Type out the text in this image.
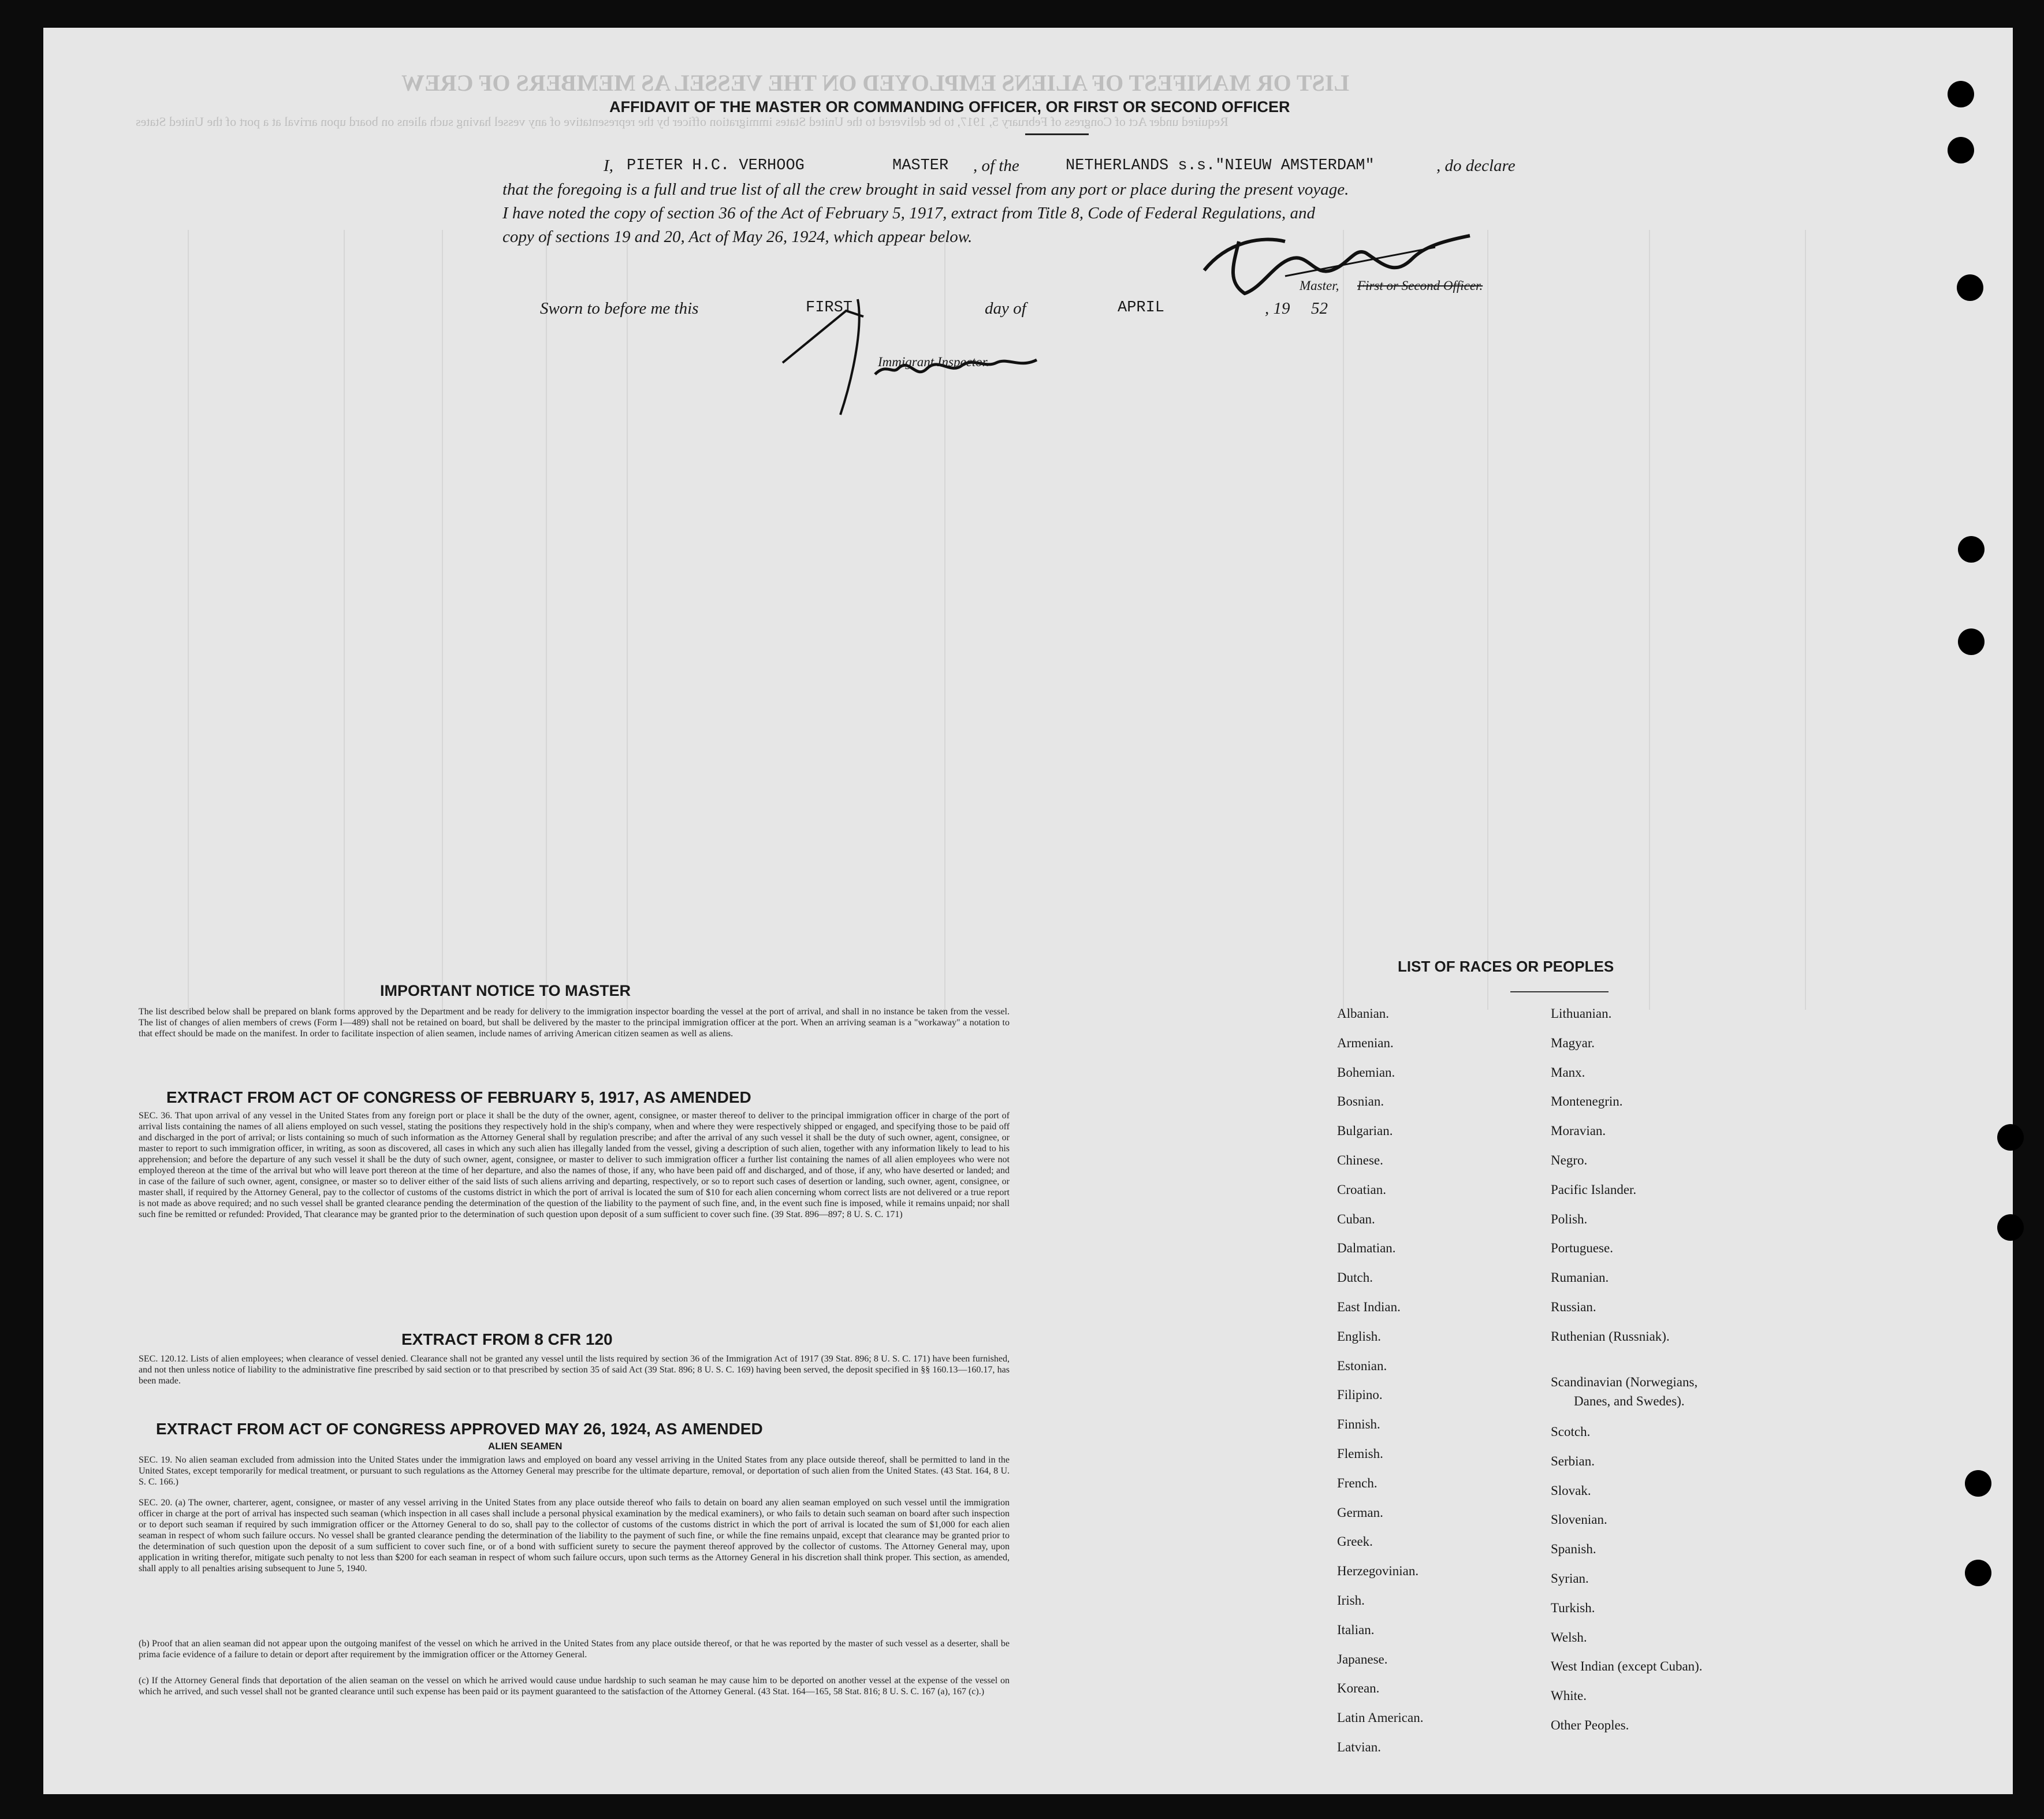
LIST OR MANIFEST OF ALIENS EMPLOYED ON THE VESSEL AS MEMBERS OF CREW
Required under Act of Congress of February 5, 1917, to be delivered to the United States immigration officer by the representative of any vessel having such aliens on board upon arrival at a port of the United States
AFFIDAVIT OF THE MASTER OR COMMANDING OFFICER, OR FIRST OR SECOND OFFICER
I, PIETER H.C. VERHOOG	MASTER , of the	NETHERLANDS s.s."NIEUW AMSTERDAM"	, do declare
that the foregoing is a full and true list of all the crew brought in said vessel from any port or place during the present voyage.
I have noted the copy of section 36 of the Act of February 5, 1917, extract from Title 8, Code of Federal Regulations, and
copy of sections 19 and 20, Act of May 26, 1924, which appear below.
Master, First or Second Officer.
Sworn to before me this	FIRST	day of	APRIL	, 19 52
Immigrant Inspector.
IMPORTANT NOTICE TO MASTER
The list described below shall be prepared on blank forms approved by the Department and be ready for delivery to the immigration inspector boarding the vessel at the port of arrival, and shall in no instance be taken from the vessel. The list of changes of alien members of crews (Form I—489) shall not be retained on board, but shall be delivered by the master to the principal immigration officer at the port. When an arriving seaman is a "workaway" a notation to that effect should be made on the manifest. In order to facilitate inspection of alien seamen, include names of arriving American citizen seamen as well as aliens.
EXTRACT FROM ACT OF CONGRESS OF FEBRUARY 5, 1917, AS AMENDED
SEC. 36. That upon arrival of any vessel in the United States from any foreign port or place it shall be the duty of the owner, agent, consignee, or master thereof to deliver to the principal immigration officer in charge of the port of arrival lists containing the names of all aliens employed on such vessel, stating the positions they respectively hold in the ship's company, when and where they were respectively shipped or engaged, and specifying those to be paid off and discharged in the port of arrival; or lists containing so much of such information as the Attorney General shall by regulation prescribe; and after the arrival of any such vessel it shall be the duty of such owner, agent, consignee, or master to report to such immigration officer, in writing, as soon as discovered, all cases in which any such alien has illegally landed from the vessel, giving a description of such alien, together with any information likely to lead to his apprehension; and before the departure of any such vessel it shall be the duty of such owner, agent, consignee, or master to deliver to such immigration officer a further list containing the names of all alien employees who were not employed thereon at the time of the arrival but who will leave port thereon at the time of her departure, and also the names of those, if any, who have been paid off and discharged, and of those, if any, who have deserted or landed; and in case of the failure of such owner, agent, consignee, or master so to deliver either of the said lists of such aliens arriving and departing, respectively, or so to report such cases of desertion or landing, such owner, agent, consignee, or master shall, if required by the Attorney General, pay to the collector of customs of the customs district in which the port of arrival is located the sum of $10 for each alien concerning whom correct lists are not delivered or a true report is not made as above required; and no such vessel shall be granted clearance pending the determination of the question of the liability to the payment of such fine, and, in the event such fine is imposed, while it remains unpaid; nor shall such fine be remitted or refunded: Provided, That clearance may be granted prior to the determination of such question upon deposit of a sum sufficient to cover such fine. (39 Stat. 896—897; 8 U. S. C. 171)
EXTRACT FROM 8 CFR 120
SEC. 120.12. Lists of alien employees; when clearance of vessel denied. Clearance shall not be granted any vessel until the lists required by section 36 of the Immigration Act of 1917 (39 Stat. 896; 8 U. S. C. 171) have been furnished, and not then unless notice of liability to the administrative fine prescribed by said section or to that prescribed by section 35 of said Act (39 Stat. 896; 8 U. S. C. 169) having been served, the deposit specified in §§ 160.13—160.17, has been made.
EXTRACT FROM ACT OF CONGRESS APPROVED MAY 26, 1924, AS AMENDED
ALIEN SEAMEN
SEC. 19. No alien seaman excluded from admission into the United States under the immigration laws and employed on board any vessel arriving in the United States from any place outside thereof, shall be permitted to land in the United States, except temporarily for medical treatment, or pursuant to such regulations as the Attorney General may prescribe for the ultimate departure, removal, or deportation of such alien from the United States. (43 Stat. 164, 8 U. S. C. 166.)
SEC. 20. (a) The owner, charterer, agent, consignee, or master of any vessel arriving in the United States from any place outside thereof who fails to detain on board any alien seaman employed on such vessel until the immigration officer in charge at the port of arrival has inspected such seaman (which inspection in all cases shall include a personal physical examination by the medical examiners), or who fails to detain such seaman on board after such inspection or to deport such seaman if required by such immigration officer or the Attorney General to do so, shall pay to the collector of customs of the customs district in which the port of arrival is located the sum of $1,000 for each alien seaman in respect of whom such failure occurs. No vessel shall be granted clearance pending the determination of the liability to the payment of such fine, or while the fine remains unpaid, except that clearance may be granted prior to the determination of such question upon the deposit of a sum sufficient to cover such fine, or of a bond with sufficient surety to secure the payment thereof approved by the collector of customs. The Attorney General may, upon application in writing therefor, mitigate such penalty to not less than $200 for each seaman in respect of whom such failure occurs, upon such terms as the Attorney General in his discretion shall think proper. This section, as amended, shall apply to all penalties arising subsequent to June 5, 1940.
(b) Proof that an alien seaman did not appear upon the outgoing manifest of the vessel on which he arrived in the United States from any place outside thereof, or that he was reported by the master of such vessel as a deserter, shall be prima facie evidence of a failure to detain or deport after requirement by the immigration officer or the Attorney General.
(c) If the Attorney General finds that deportation of the alien seaman on the vessel on which he arrived would cause undue hardship to such seaman he may cause him to be deported on another vessel at the expense of the vessel on which he arrived, and such vessel shall not be granted clearance until such expense has been paid or its payment guaranteed to the satisfaction of the Attorney General. (43 Stat. 164—165, 58 Stat. 816; 8 U. S. C. 167 (a), 167 (c).)
LIST OF RACES OR PEOPLES
Albanian.
Armenian.
Bohemian.
Bosnian.
Bulgarian.
Chinese.
Croatian.
Cuban.
Dalmatian.
Dutch.
East Indian.
English.
Estonian.
Filipino.
Finnish.
Flemish.
French.
German.
Greek.
Herzegovinian.
Irish.
Italian.
Japanese.
Korean.
Latin American.
Latvian.
Lithuanian.
Magyar.
Manx.
Montenegrin.
Moravian.
Negro.
Pacific Islander.
Polish.
Portuguese.
Rumanian.
Russian.
Ruthenian (Russniak).
Scandinavian (Norwegians,
Danes, and Swedes).
Scotch.
Serbian.
Slovak.
Slovenian.
Spanish.
Syrian.
Turkish.
Welsh.
West Indian (except Cuban).
White.
Other Peoples.
